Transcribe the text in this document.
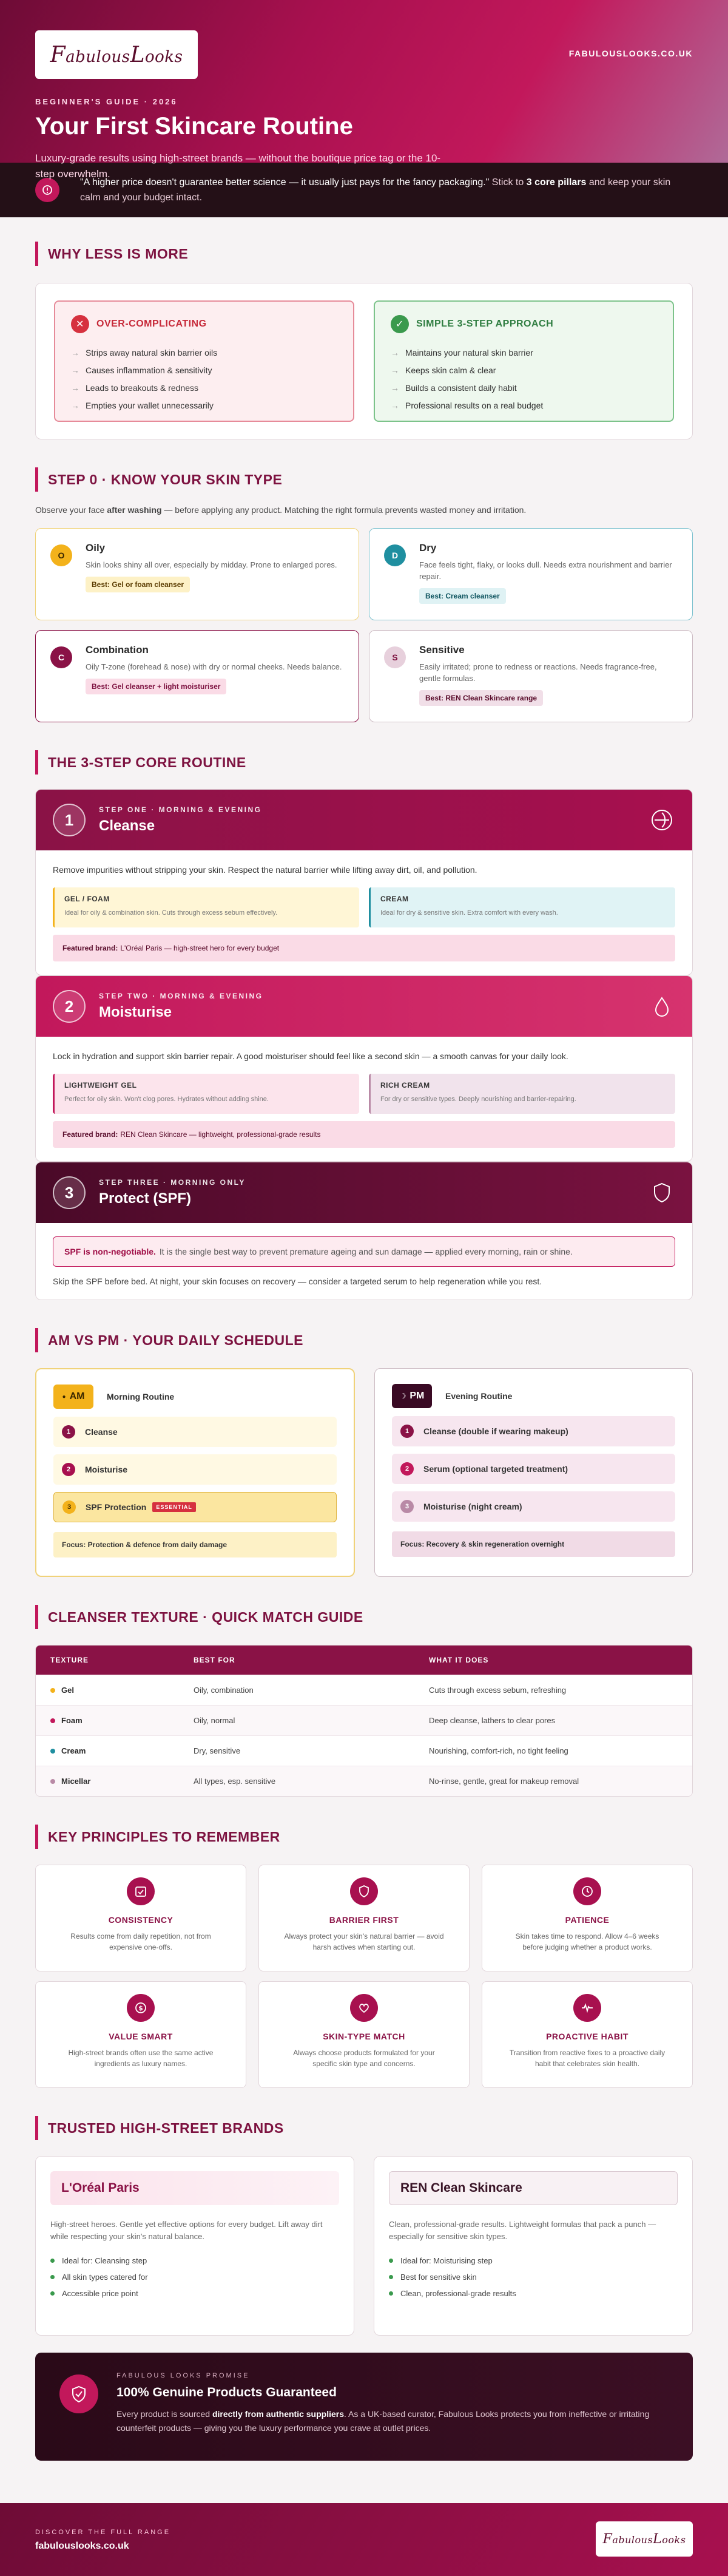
FabulousLooks	FABULOUSLOOKS.CO.UK
BEGINNER'S GUIDE · 2026
Your First Skincare Routine
Luxury-grade results using high-street brands — without the boutique price tag or the 10-step overwhelm.
"A higher price doesn't guarantee better science — it usually just pays for the fancy packaging." Stick to 3 core pillars and keep your skin calm and your budget intact.
WHY LESS IS MORE
✕	OVER-COMPLICATING
→ Strips away natural skin barrier oils
→ Causes inflammation & sensitivity
→ Leads to breakouts & redness
→ Empties your wallet unnecessarily
✓	SIMPLE 3-STEP APPROACH
→ Maintains your natural skin barrier
→ Keeps skin calm & clear
→ Builds a consistent daily habit
→ Professional results on a real budget
STEP 0 · KNOW YOUR SKIN TYPE
Observe your face after washing — before applying any product. Matching the right formula prevents wasted money and irritation.
O
Oily
Skin looks shiny all over, especially by midday. Prone to enlarged pores.
Best: Gel or foam cleanser
D
Dry
Face feels tight, flaky, or looks dull. Needs extra nourishment and barrier repair.
Best: Cream cleanser
C
Combination
Oily T-zone (forehead & nose) with dry or normal cheeks. Needs balance.
Best: Gel cleanser + light moisturiser
S
Sensitive
Easily irritated; prone to redness or reactions. Needs fragrance-free, gentle formulas.
Best: REN Clean Skincare range
THE 3-STEP CORE ROUTINE
1
STEP ONE · MORNING & EVENING
Cleanse
Remove impurities without stripping your skin. Respect the natural barrier while lifting away dirt, oil, and pollution.
GEL / FOAM
Ideal for oily & combination skin. Cuts through excess sebum effectively.
CREAM
Ideal for dry & sensitive skin. Extra comfort with every wash.
Featured brand: L'Oréal Paris — high-street hero for every budget
2
STEP TWO · MORNING & EVENING
Moisturise
Lock in hydration and support skin barrier repair. A good moisturiser should feel like a second skin — a smooth canvas for your daily look.
LIGHTWEIGHT GEL
Perfect for oily skin. Won't clog pores. Hydrates without adding shine.
RICH CREAM
For dry or sensitive types. Deeply nourishing and barrier-repairing.
Featured brand: REN Clean Skincare — lightweight, professional-grade results
3
STEP THREE · MORNING ONLY
Protect (SPF)
SPF is non-negotiable. It is the single best way to prevent premature ageing and sun damage — applied every morning, rain or shine.
Skip the SPF before bed. At night, your skin focuses on recovery — consider a targeted serum to help regeneration while you rest.
AM VS PM · YOUR DAILY SCHEDULE
● AM	Morning Routine
1	Cleanse
2	Moisturise
3	SPF Protection	ESSENTIAL
Focus: Protection & defence from daily damage
☽ PM Evening Routine
1	Cleanse (double if wearing makeup)
2	Serum (optional targeted treatment)
3	Moisturise (night cream)
Focus: Recovery & skin regeneration overnight
CLEANSER TEXTURE · QUICK MATCH GUIDE
TEXTURE	BEST FOR	WHAT IT DOES
Gel	Oily, combination	Cuts through excess sebum, refreshing
Foam	Oily, normal	Deep cleanse, lathers to clear pores
Cream	Dry, sensitive	Nourishing, comfort-rich, no tight feeling
Micellar	All types, esp. sensitive	No-rinse, gentle, great for makeup removal
KEY PRINCIPLES TO REMEMBER
CONSISTENCY
Results come from daily repetition, not from expensive one-offs.
BARRIER FIRST
Always protect your skin's natural barrier — avoid harsh actives when starting out.
PATIENCE
Skin takes time to respond. Allow 4–6 weeks before judging whether a product works.
$
VALUE SMART
High-street brands often use the same active ingredients as luxury names.
SKIN-TYPE MATCH
Always choose products formulated for your specific skin type and concerns.
PROACTIVE HABIT
Transition from reactive fixes to a proactive daily habit that celebrates skin health.
TRUSTED HIGH-STREET BRANDS
L'Oréal Paris
High-street heroes. Gentle yet effective options for every budget. Lift away dirt while respecting your skin's natural balance.
Ideal for: Cleansing step
All skin types catered for
Accessible price point
REN Clean Skincare
Clean, professional-grade results. Lightweight formulas that pack a punch — especially for sensitive skin types.
Ideal for: Moisturising step
Best for sensitive skin
Clean, professional-grade results
FABULOUS LOOKS PROMISE
100% Genuine Products Guaranteed
Every product is sourced directly from authentic suppliers. As a UK-based curator, Fabulous Looks protects you from ineffective or irritating counterfeit products — giving you the luxury performance you crave at outlet prices.
DISCOVER THE FULL RANGE
fabulouslooks.co.uk	FabulousLooks
